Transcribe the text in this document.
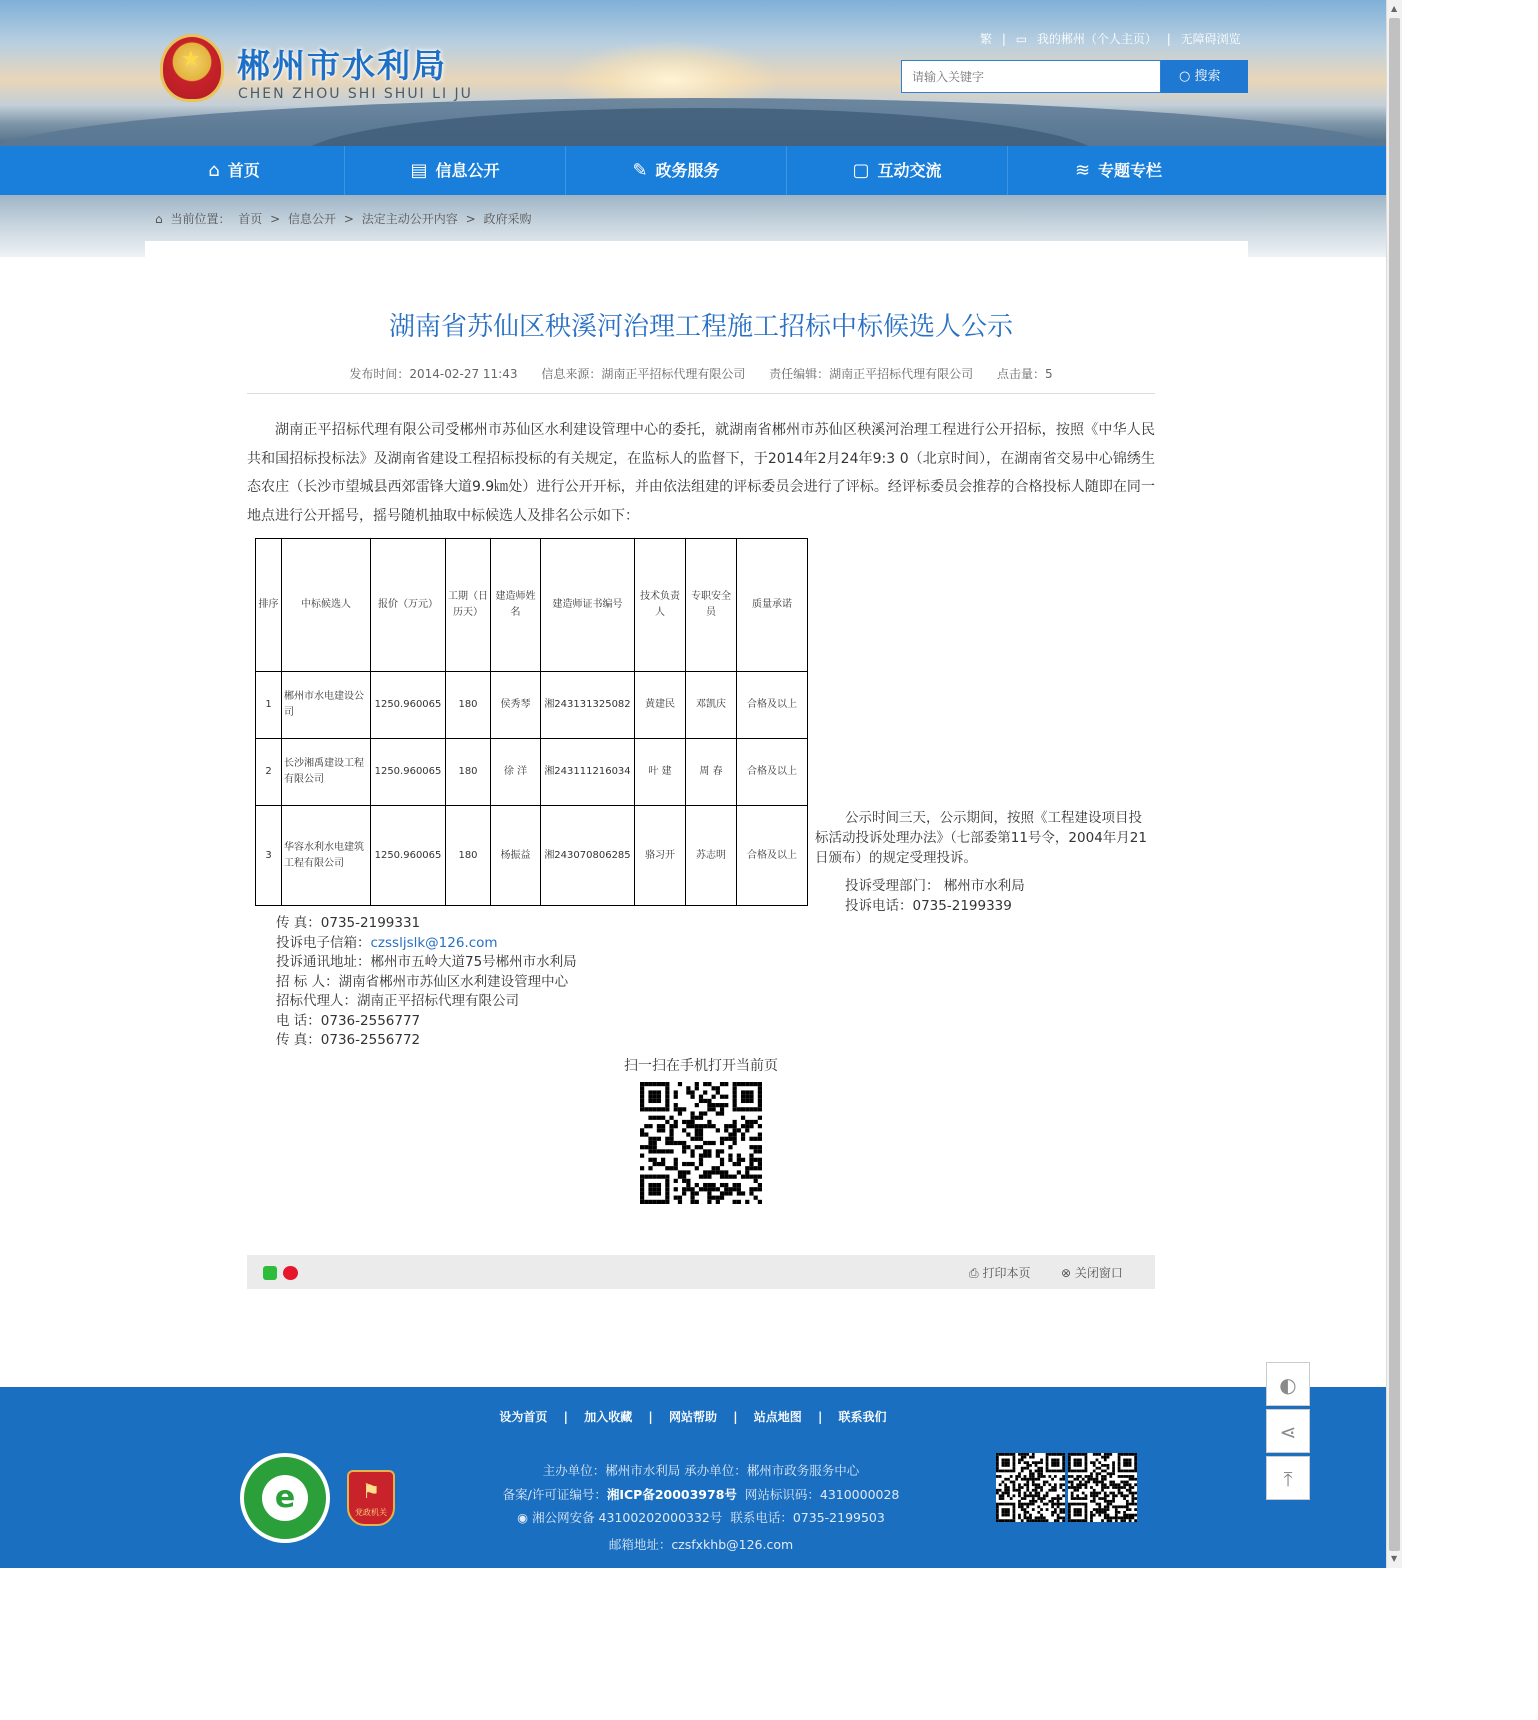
★ 郴州市水利局
CHEN ZHOU SHI SHUI LI JU
繁 | ▭ 我的郴州（个人主页） | 无障碍浏览
请输入关键字
○ 搜索
⌂ 首页	▤ 信息公开	✎ 政务服务	▢ 互动交流	≋ 专题专栏
⌂ 当前位置： 首页 > 信息公开 > 法定主动公开内容 > 政府采购
湖南省苏仙区秧溪河治理工程施工招标中标候选人公示
发布时间：2014-02-27 11:43 信息来源：湖南正平招标代理有限公司 责任编辑：湖南正平招标代理有限公司 点击量：5
湖南正平招标代理有限公司受郴州市苏仙区水利建设管理中心的委托，就湖南省郴州市苏仙区秧溪河治理工程进行公开招标，按照《中华人民共和国招标投标法》及湖南省建设工程招标投标的有关规定，在监标人的监督下，于2014年2月24年9:3 0（北京时间），在湖南省交易中心锦绣生态农庄（长沙市望城县西郊雷锋大道9.9㎞处）进行公开开标，并由依法组建的评标委员会进行了评标。经评标委员会推荐的合格投标人随即在同一地点进行公开摇号，摇号随机抽取中标候选人及排名公示如下：
排序	中标候选人	报价（万元）	工期（日历天）	建造师姓名	建造师证书编号	技术负责人	专职安全员	质量承诺
1	郴州市水电建设公司	1250.960065	180	侯秀琴	湘243131325082	黄建民	邓凯庆	合格及以上
2	长沙湘禹建设工程有限公司	1250.960065	180	徐 洋	湘243111216034	叶 建	周 春	合格及以上
3	华容水利水电建筑工程有限公司	1250.960065	180	杨振益	湘243070806285	骆习开	苏志明	合格及以上
公示时间三天，公示期间，按照《工程建设项目投标活动投诉处理办法》（七部委第11号令，2004年月21日颁布）的规定受理投诉。
投诉受理部门： 郴州市水利局
投诉电话：0735-2199339
传 真：0735-2199331
投诉电子信箱：czssljslk@126.com
投诉通讯地址：郴州市五岭大道75号郴州市水利局
招 标 人：湖南省郴州市苏仙区水利建设管理中心
招标代理人：湖南正平招标代理有限公司
电 话：0736-2556777
传 真：0736-2556772
扫一扫在手机打开当前页
⎙ 打印本页	⊗ 关闭窗口
设为首页 | 加入收藏 | 网站帮助 | 站点地图 | 联系我们
主办单位：郴州市水利局 承办单位：郴州市政务服务中心
备案/许可证编号：湘ICP备20003978号 网站标识码：4310000028
◉ 湘公网安备 43100202000332号 联系电话：0735-2199503
邮箱地址：czsfxkhb@126.com
e	⚑
党政机关
◐
⋖
⤒
▲
▼
